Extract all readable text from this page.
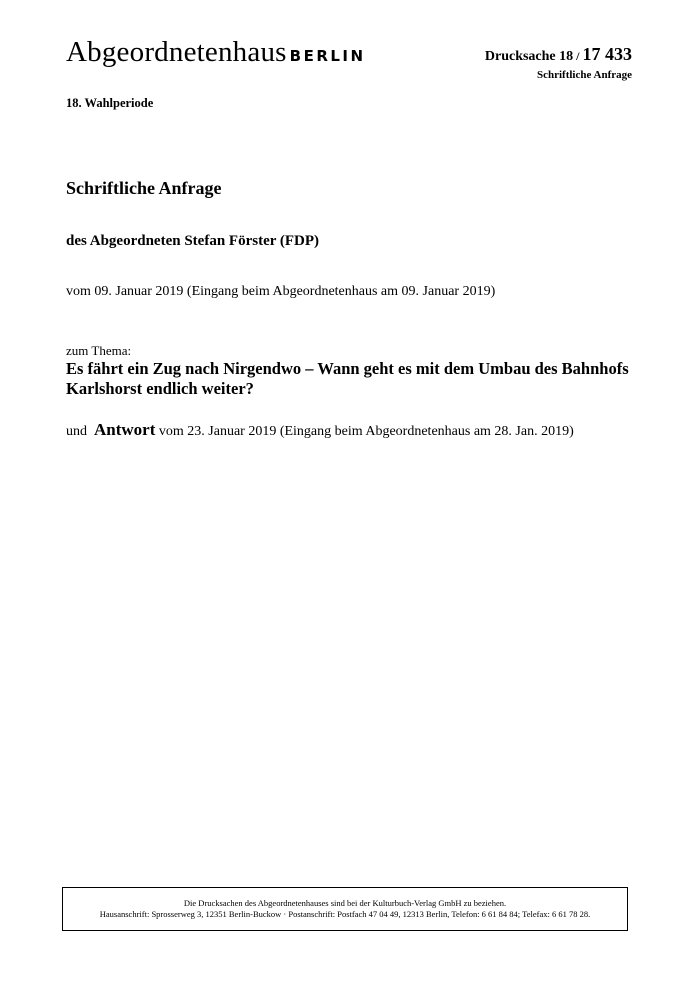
Abgeordnetenhaus BERLIN	Drucksache 18 / 17 433
Schriftliche Anfrage
18. Wahlperiode
Schriftliche Anfrage
des Abgeordneten Stefan Förster (FDP)
vom 09. Januar 2019 (Eingang beim Abgeordnetenhaus am 09. Januar 2019)
zum Thema:
Es fährt ein Zug nach Nirgendwo – Wann geht es mit dem Umbau des Bahnhofs Karlshorst endlich weiter?
und Antwort vom 23. Januar 2019 (Eingang beim Abgeordnetenhaus am 28. Jan. 2019)
Die Drucksachen des Abgeordnetenhauses sind bei der Kulturbuch-Verlag GmbH zu beziehen.
Hausanschrift: Sprosserweg 3, 12351 Berlin-Buckow · Postanschrift: Postfach 47 04 49, 12313 Berlin, Telefon: 6 61 84 84; Telefax: 6 61 78 28.
